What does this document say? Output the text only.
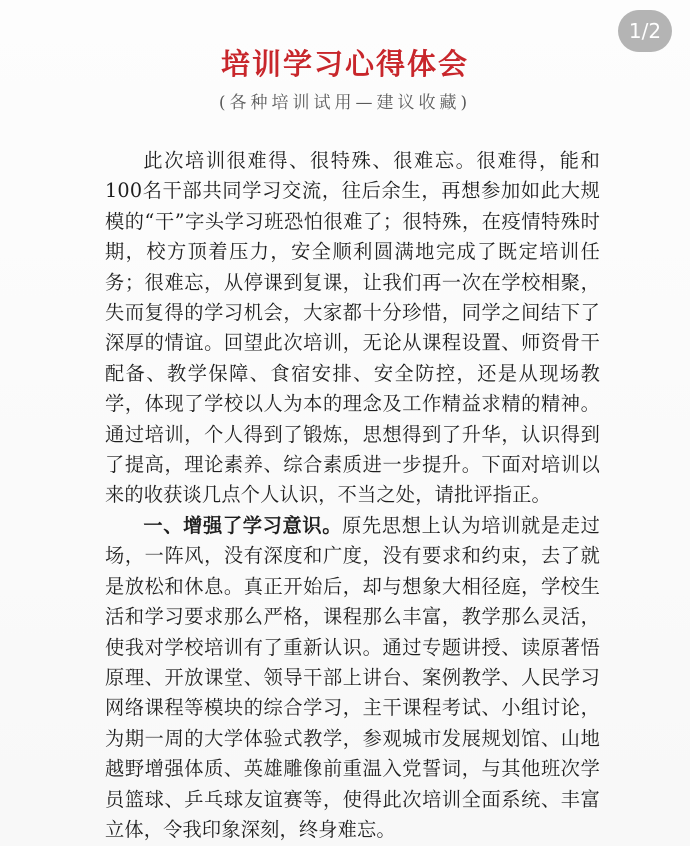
1/2
培训学习心得体会
(各种培训试用—建议收藏)

此次培训很难得、很特殊、很难忘。很难得，能和100名干部共同学习交流，往后余生，再想参加如此大规模的“干”字头学习班恐怕很难了；很特殊，在疫情特殊时期，校方顶着压力，安全顺利圆满地完成了既定培训任务；很难忘，从停课到复课，让我们再一次在学校相聚，失而复得的学习机会，大家都十分珍惜，同学之间结下了深厚的情谊。回望此次培训，无论从课程设置、师资骨干配备、教学保障、食宿安排、安全防控，还是从现场教学，体现了学校以人为本的理念及工作精益求精的精神。通过培训，个人得到了锻炼，思想得到了升华，认识得到了提高，理论素养、综合素质进一步提升。下面对培训以来的收获谈几点个人认识，不当之处，请批评指正。

一、增强了学习意识。原先思想上认为培训就是走过场，一阵风，没有深度和广度，没有要求和约束，去了就是放松和休息。真正开始后，却与想象大相径庭，学校生活和学习要求那么严格，课程那么丰富，教学那么灵活，使我对学校培训有了重新认识。通过专题讲授、读原著悟原理、开放课堂、领导干部上讲台、案例教学、人民学习网络课程等模块的综合学习，主干课程考试、小组讨论，为期一周的大学体验式教学，参观城市发展规划馆、山地越野增强体质、英雄雕像前重温入党誓词，与其他班次学员篮球、乒乓球友谊赛等，使得此次培训全面系统、丰富立体，令我印象深刻，终身难忘。
